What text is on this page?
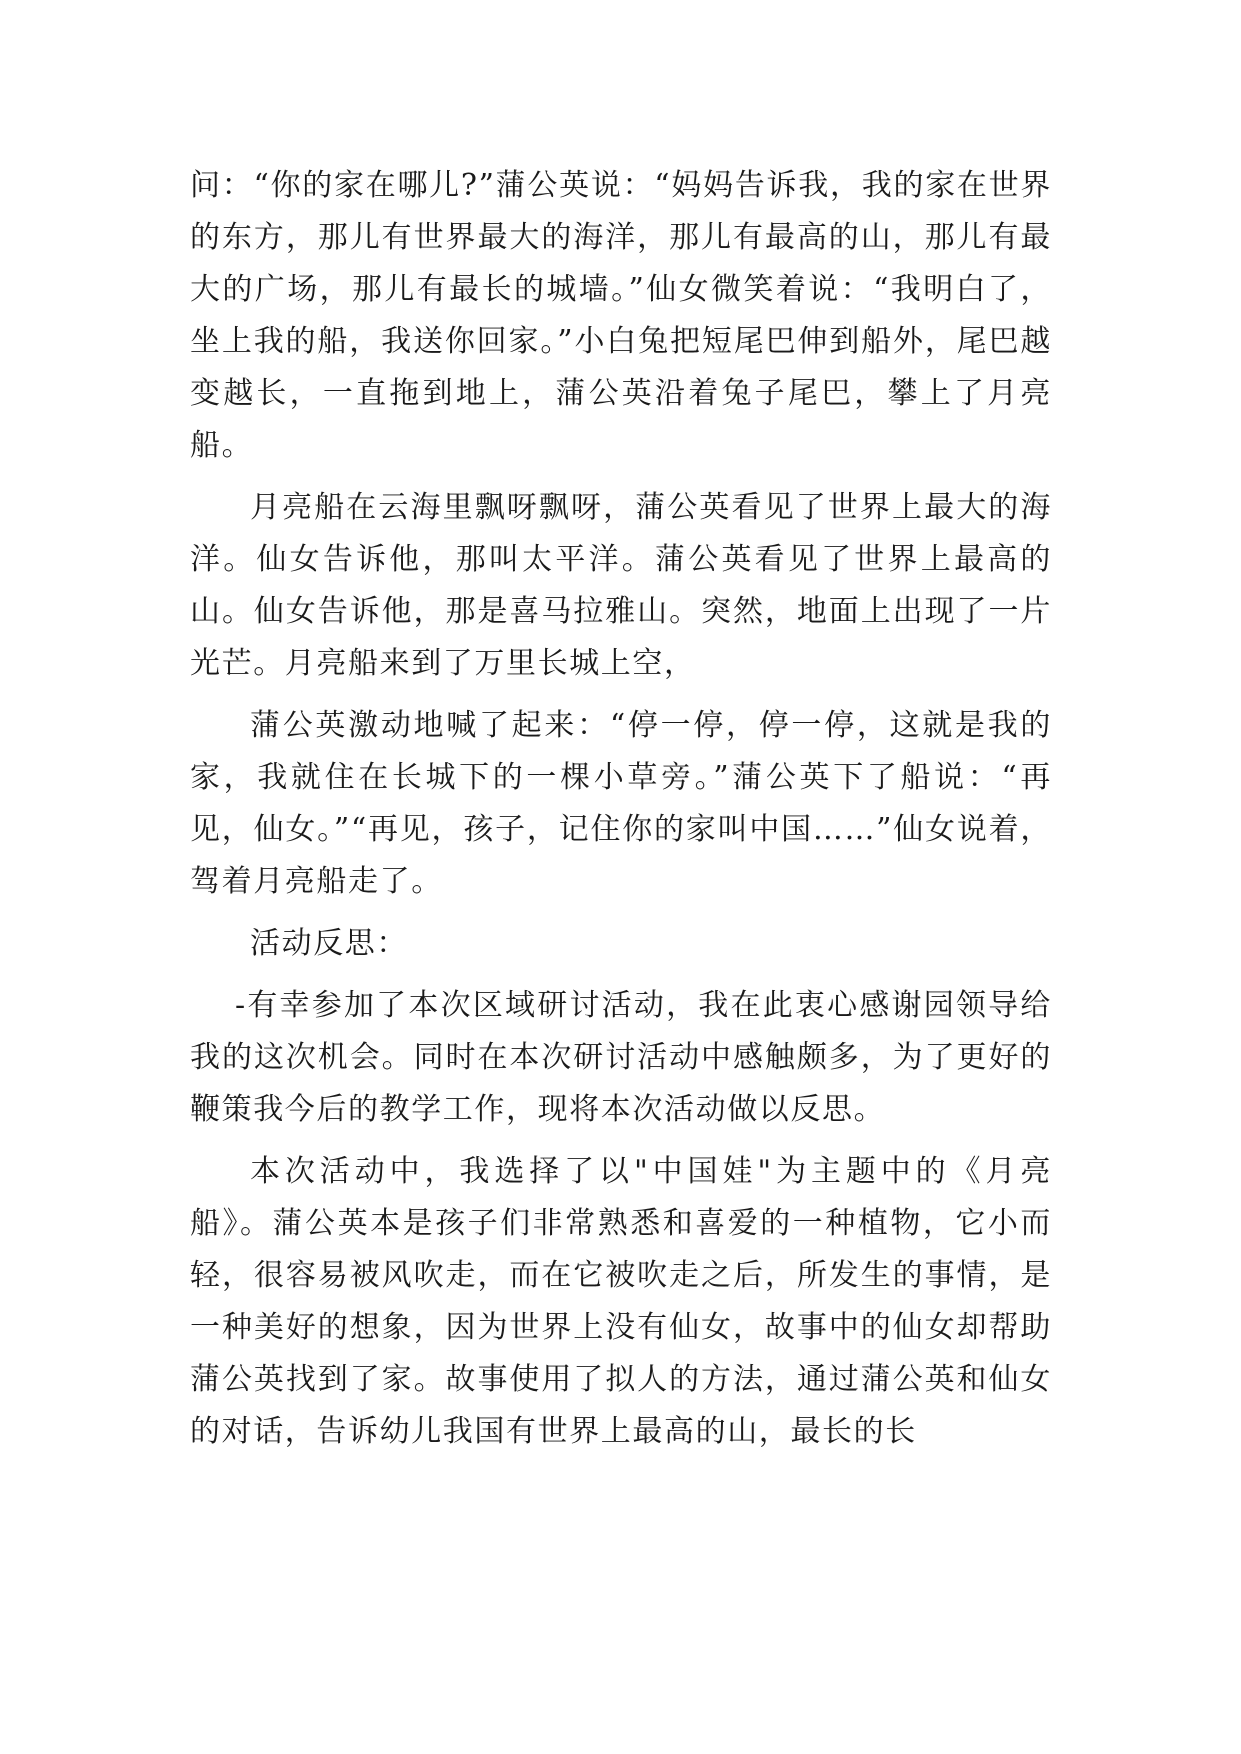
问：“你的家在哪儿?”蒲公英说：“妈妈告诉我，我的家在世界的东方，那儿有世界最大的海洋，那儿有最高的山，那儿有最大的广场，那儿有最长的城墙。”仙女微笑着说：“我明白了，坐上我的船，我送你回家。”小白兔把短尾巴伸到船外，尾巴越变越长，一直拖到地上，蒲公英沿着兔子尾巴，攀上了月亮船。

月亮船在云海里飘呀飘呀，蒲公英看见了世界上最大的海洋。仙女告诉他，那叫太平洋。蒲公英看见了世界上最高的山。仙女告诉他，那是喜马拉雅山。突然，地面上出现了一片光芒。月亮船来到了万里长城上空，

蒲公英激动地喊了起来：“停一停，停一停，这就是我的家，我就住在长城下的一棵小草旁。”蒲公英下了船说：“再见，仙女。”“再见，孩子，记住你的家叫中国……”仙女说着，驾着月亮船走了。

活动反思：

-有幸参加了本次区域研讨活动，我在此衷心感谢园领导给我的这次机会。同时在本次研讨活动中感触颇多，为了更好的鞭策我今后的教学工作，现将本次活动做以反思。

本次活动中，我选择了以"中国娃"为主题中的《月亮船》。蒲公英本是孩子们非常熟悉和喜爱的一种植物，它小而轻，很容易被风吹走，而在它被吹走之后，所发生的事情，是一种美好的想象，因为世界上没有仙女，故事中的仙女却帮助蒲公英找到了家。故事使用了拟人的方法，通过蒲公英和仙女的对话，告诉幼儿我国有世界上最高的山，最长的长
